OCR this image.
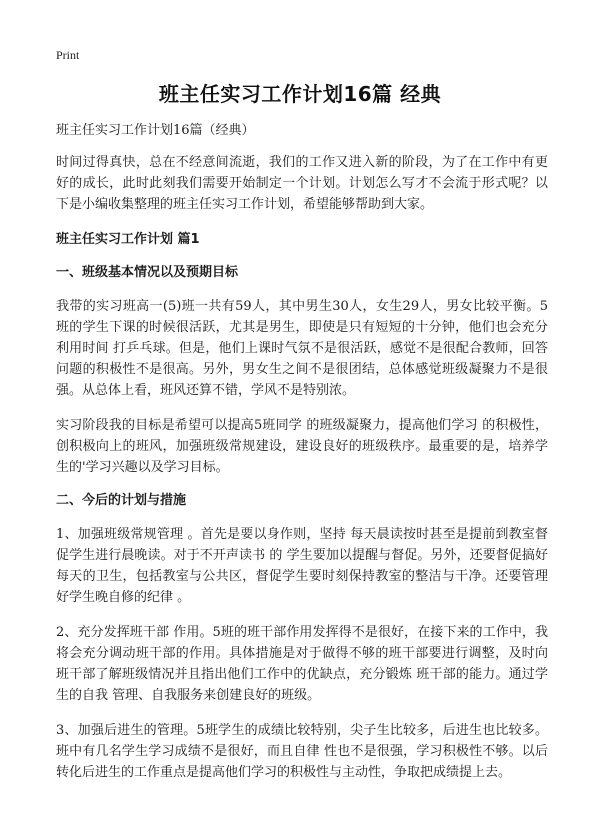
Print
班主任实习工作计划16篇 经典
班主任实习工作计划16篇（经典）

时间过得真快，总在不经意间流逝，我们的工作又进入新的阶段，为了在工作中有更好的成长，此时此刻我们需要开始制定一个计划。计划怎么写才不会流于形式呢？以下是小编收集整理的班主任实习工作计划，希望能够帮助到大家。

班主任实习工作计划 篇1
一、班级基本情况以及预期目标

我带的实习班高一(5)班一共有59人，其中男生30人，女生29人，男女比较平衡。5班的学生下课的时候很活跃，尤其是男生，即使是只有短短的十分钟，他们也会充分利用时间 打乒乓球。但是，他们上课时气氛不是很活跃，感觉不是很配合教师，回答问题的积极性不是很高。另外，男女生之间不是很团结，总体感觉班级凝聚力不是很强。从总体上看，班风还算不错，学风不是特别浓。

实习阶段我的目标是希望可以提高5班同学 的班级凝聚力，提高他们学习 的积极性，创积极向上的班风，加强班级常规建设，建设良好的班级秩序。最重要的是，培养学生的'学习兴趣以及学习目标。

二、今后的计划与措施

1、加强班级常规管理 。首先是要以身作则，坚持 每天晨读按时甚至是提前到教室督促学生进行晨晚读。对于不开声读书 的 学生要加以提醒与督促。另外，还要督促搞好每天的卫生，包括教室与公共区，督促学生要时刻保持教室的整洁与干净。还要管理好学生晚自修的纪律 。

2、充分发挥班干部 作用。5班的班干部作用发挥得不是很好，在接下来的工作中，我将会充分调动班干部的作用。具体措施是对于做得不够的班干部要进行调整，及时向班干部了解班级情况并且指出他们工作中的优缺点，充分锻炼 班干部的能力。通过学生的自我 管理、自我服务来创建良好的班级。

3、加强后进生的管理。5班学生的成绩比较特别，尖子生比较多，后进生也比较多。班中有几名学生学习成绩不是很好，而且自律 性也不是很强，学习积极性不够。以后转化后进生的工作重点是提高他们学习的积极性与主动性，争取把成绩提上去。
